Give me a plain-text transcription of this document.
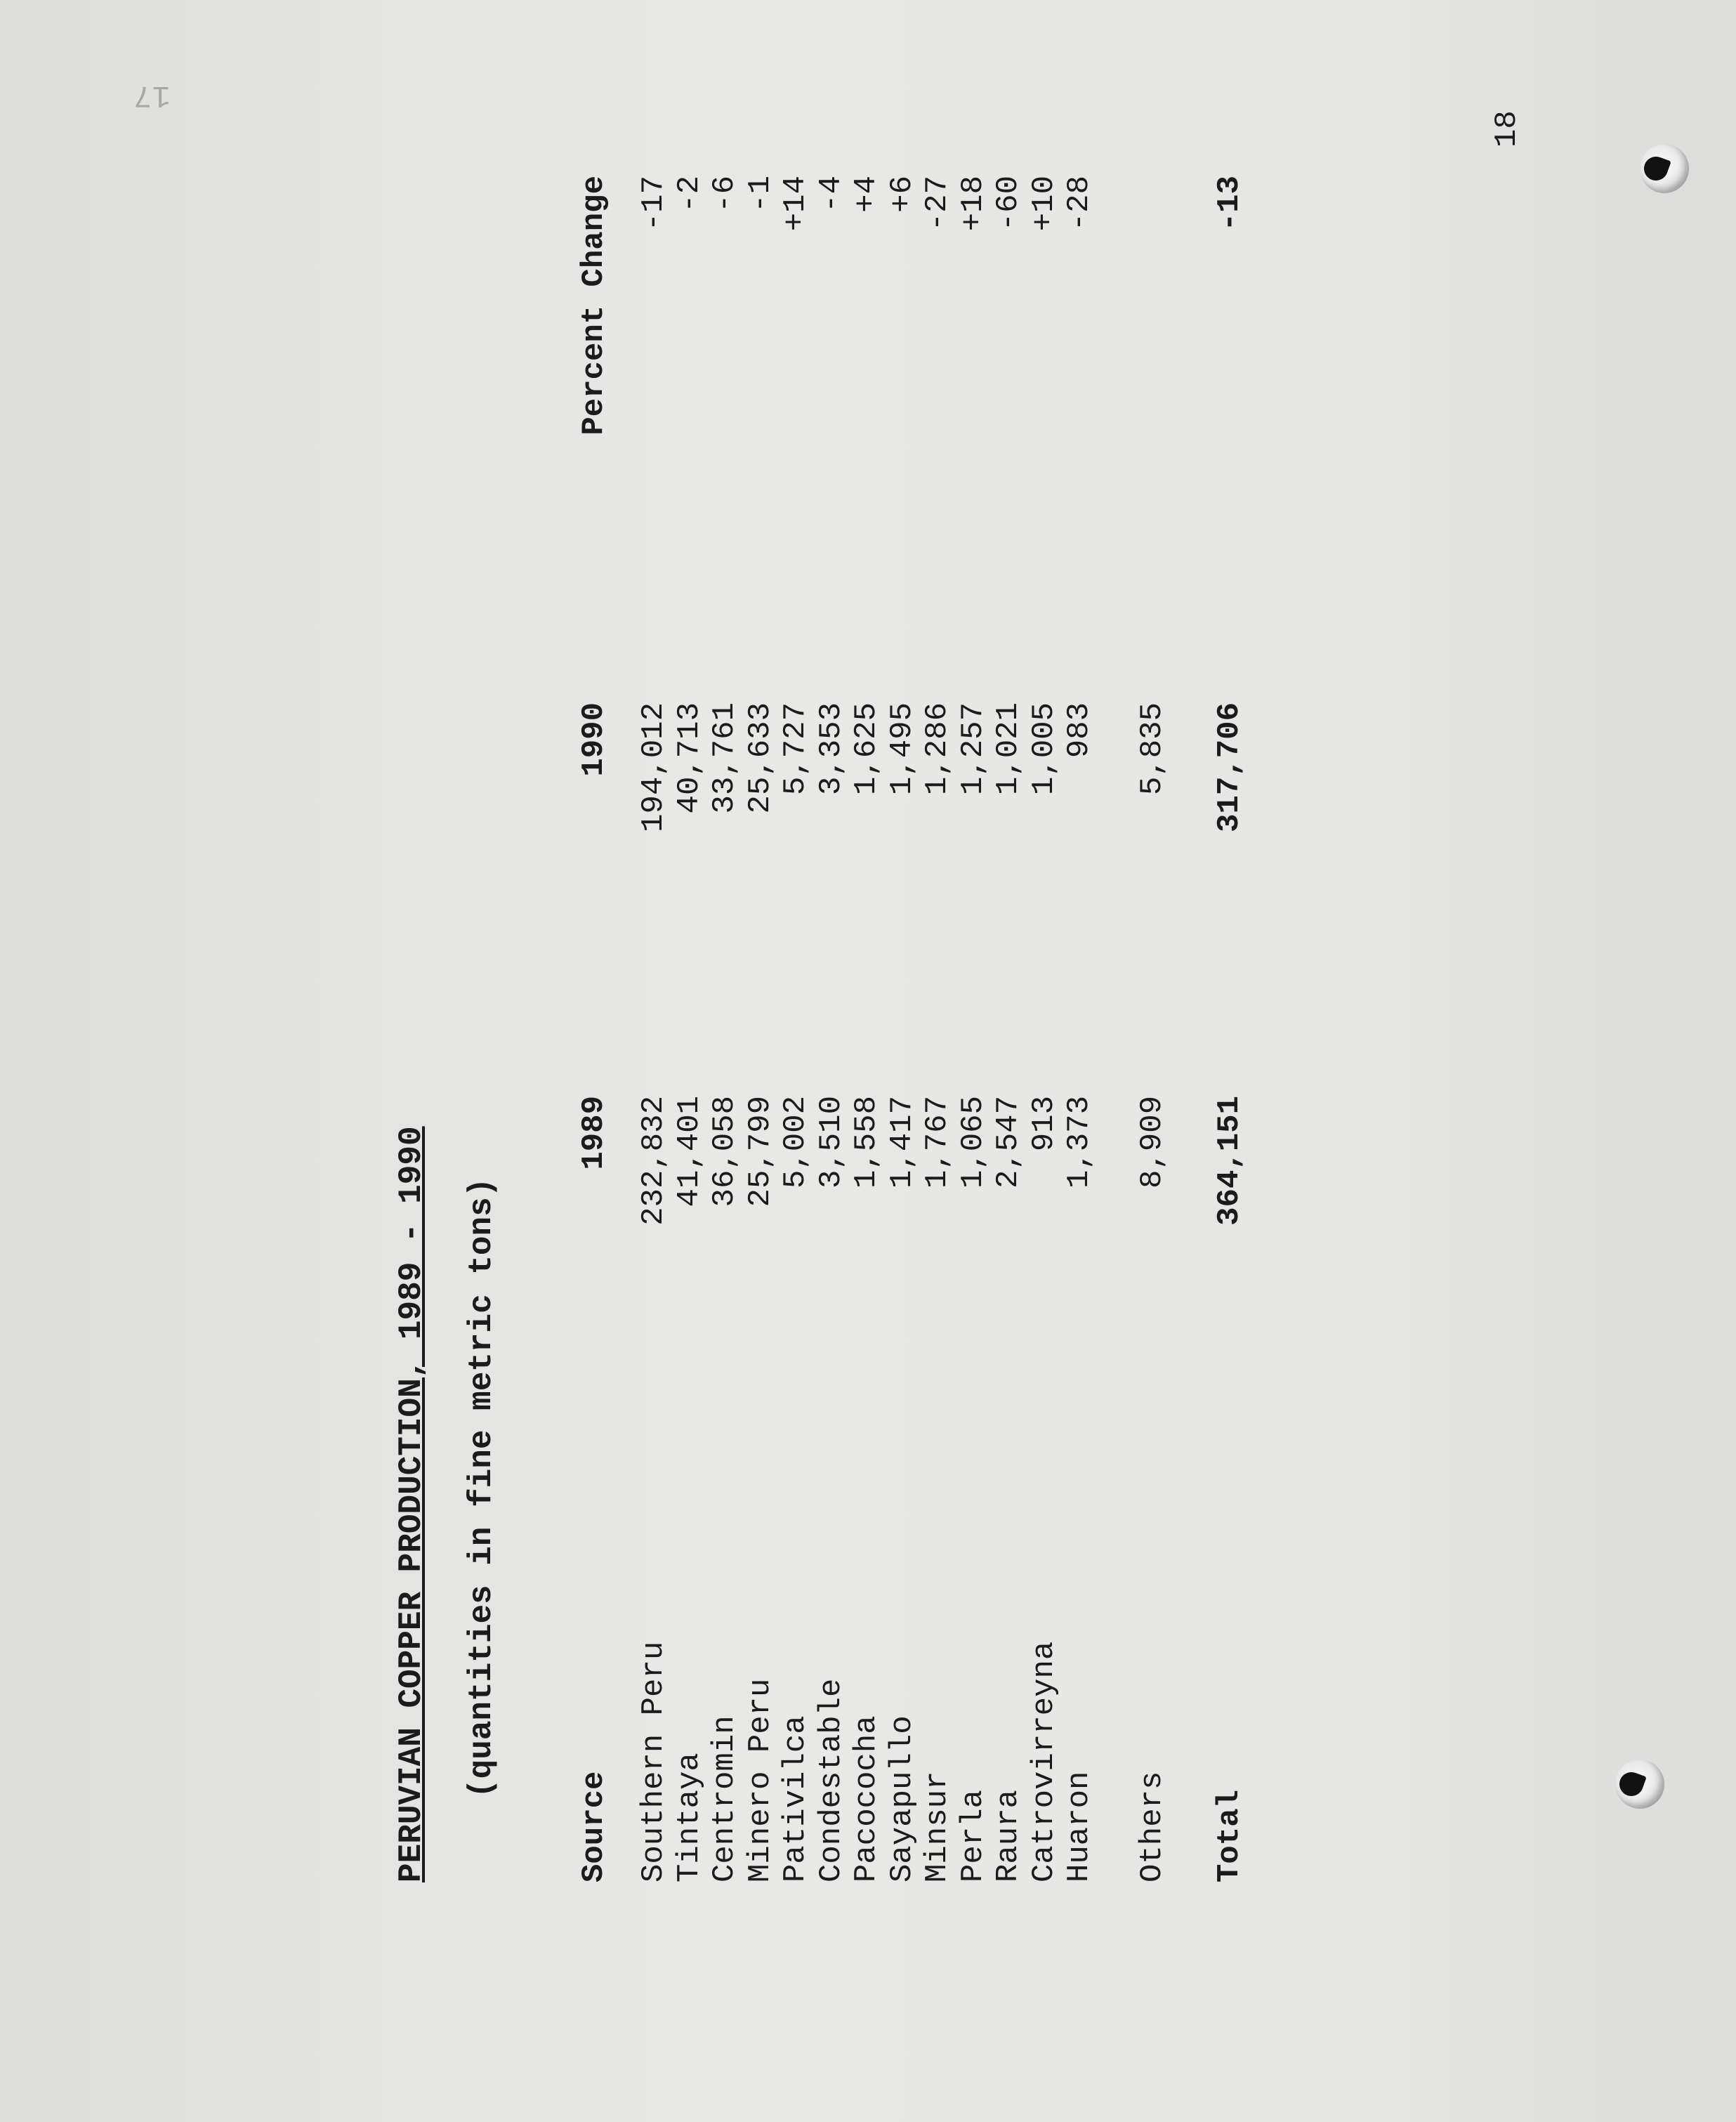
17
PERUVIAN COPPER PRODUCTION, 1989 - 1990 (quantities in fine metric tons)
18
Source
1989
1990
Percent Change
Southern Peru
232,832
194,012
-17
Tintaya
41,401
40,713
-2
Centromin
36,058
33,761
-6
Minero Peru
25,799
25,633
-1
Pativilca
5,002
5,727
+14
Condestable
3,510
3,353
-4
Pacococha
1,558
1,625
+4
Sayapullo
1,417
1,495
+6
Minsur
1,767
1,286
-27
Perla
1,065
1,257
+18
Raura
2,547
1,021
-60
Catrovirreyna
913
1,005
+10
Huaron
1,373
983
-28
Others
8,909
5,835
Total
364,151
317,706
-13
